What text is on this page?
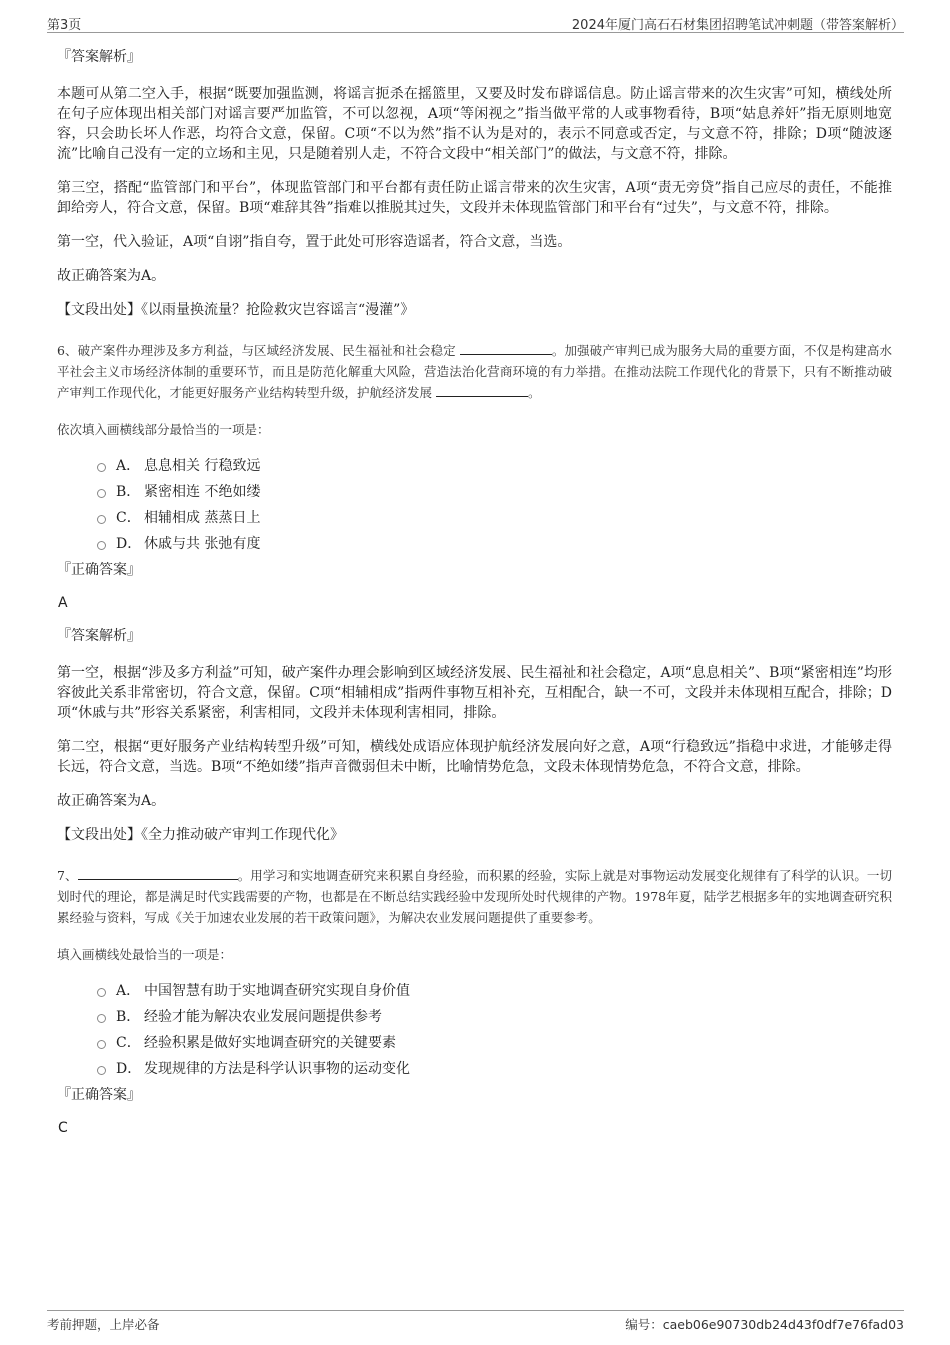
第3页	2024年厦门高石石材集团招聘笔试冲刺题（带答案解析）

『答案解析』

本题可从第二空入手，根据“既要加强监测，将谣言扼杀在摇篮里，又要及时发布辟谣信息。防止谣言带来的次生灾害”可知，横线处所在句子应体现出相关部门对谣言要严加监管，不可以忽视，A项“等闲视之”指当做平常的人或事物看待，B项“姑息养奸”指无原则地宽容，只会助长坏人作恶，均符合文意，保留。C项“不以为然”指不认为是对的，表示不同意或否定，与文意不符，排除；D项“随波逐流”比喻自己没有一定的立场和主见，只是随着别人走，不符合文段中“相关部门”的做法，与文意不符，排除。

第三空，搭配“监管部门和平台”，体现监管部门和平台都有责任防止谣言带来的次生灾害，A项“责无旁贷”指自己应尽的责任，不能推卸给旁人，符合文意，保留。B项“难辞其咎”指难以推脱其过失，文段并未体现监管部门和平台有“过失”，与文意不符，排除。

第一空，代入验证，A项“自诩”指自夸，置于此处可形容造谣者，符合文意，当选。

故正确答案为A。

【文段出处】《以雨量换流量？抢险救灾岂容谣言“漫灌”》

6、破产案件办理涉及多方利益，与区域经济发展、民生福祉和社会稳定	。加强破产审判已成为服务大局的重要方面，不仅是构建高水平社会主义市场经济体制的重要环节，而且是防范化解重大风险，营造法治化营商环境的有力举措。在推动法院工作现代化的背景下，只有不断推动破产审判工作现代化，才能更好服务产业结构转型升级，护航经济发展	。

依次填入画横线部分最恰当的一项是：

A． 息息相关 行稳致远
B． 紧密相连 不绝如缕
C． 相辅相成 蒸蒸日上
D． 休戚与共 张弛有度

『正确答案』

A

『答案解析』

第一空，根据“涉及多方利益”可知，破产案件办理会影响到区域经济发展、民生福祉和社会稳定，A项“息息相关”、B项“紧密相连”均形容彼此关系非常密切，符合文意，保留。C项“相辅相成”指两件事物互相补充，互相配合，缺一不可，文段并未体现相互配合，排除；D项“休戚与共”形容关系紧密，利害相同，文段并未体现利害相同，排除。

第二空，根据“更好服务产业结构转型升级”可知，横线处成语应体现护航经济发展向好之意，A项“行稳致远”指稳中求进，才能够走得长远，符合文意，当选。B项“不绝如缕”指声音微弱但未中断，比喻情势危急，文段未体现情势危急，不符合文意，排除。

故正确答案为A。

【文段出处】《全力推动破产审判工作现代化》

7、	。用学习和实地调查研究来积累自身经验，而积累的经验，实际上就是对事物运动发展变化规律有了科学的认识。一切划时代的理论，都是满足时代实践需要的产物，也都是在不断总结实践经验中发现所处时代规律的产物。1978年夏，陆学艺根据多年的实地调查研究积累经验与资料，写成《关于加速农业发展的若干政策问题》，为解决农业发展问题提供了重要参考。

填入画横线处最恰当的一项是：

A． 中国智慧有助于实地调查研究实现自身价值
B． 经验才能为解决农业发展问题提供参考
C． 经验积累是做好实地调查研究的关键要素
D． 发现规律的方法是科学认识事物的运动变化

『正确答案』

C

考前押题，上岸必备	编号：caeb06e90730db24d43f0df7e76fad03
